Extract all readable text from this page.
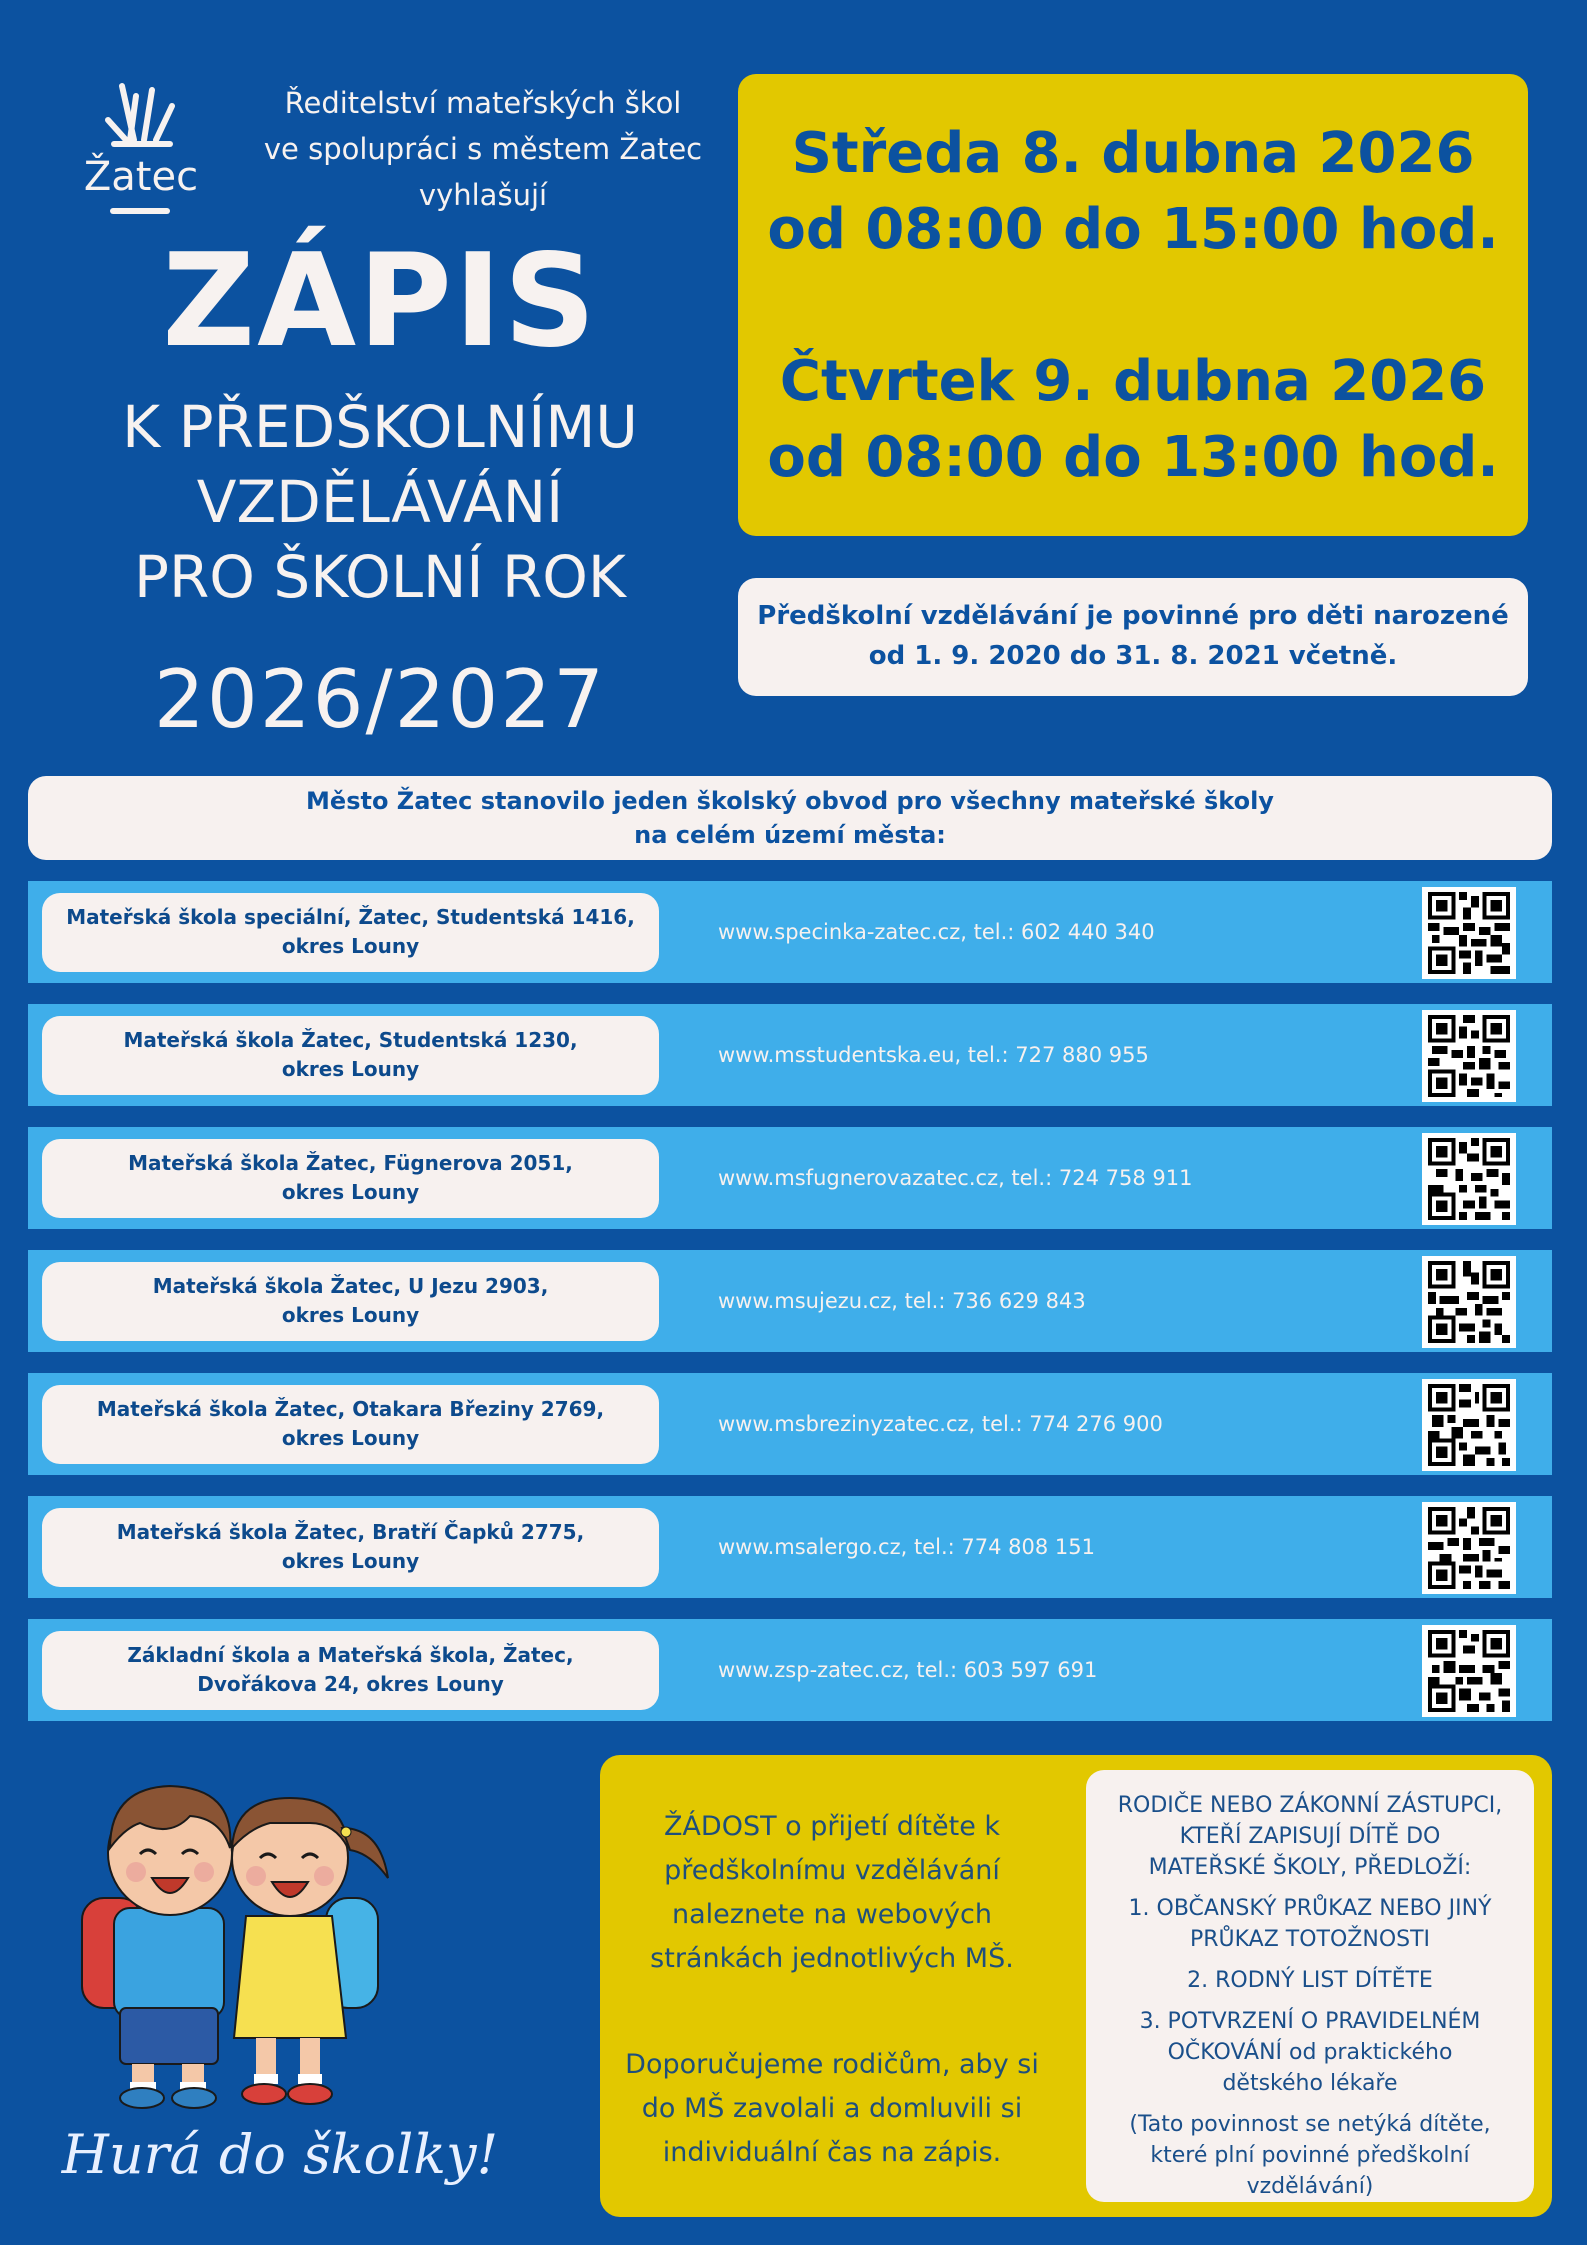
Žatec
Ředitelství mateřských škol
ve spolupráci s městem Žatec
vyhlašují
ZÁPIS
K PŘEDŠKOLNÍMU
VZDĚLÁVÁNÍ
PRO ŠKOLNÍ ROK
2026/2027
Středa 8. dubna 2026
od 08:00 do 15:00 hod.
Čtvrtek 9. dubna 2026
od 08:00 do 13:00 hod.
Předškolní vzdělávání je povinné pro děti narozené
od 1. 9. 2020 do 31. 8. 2021 včetně.
Město Žatec stanovilo jeden školský obvod pro všechny mateřské školy
na celém území města:
Mateřská škola speciální, Žatec, Studentská 1416,
okres Louny
www.specinka-zatec.cz, tel.: 602 440 340
Mateřská škola Žatec, Studentská 1230,
okres Louny
www.msstudentska.eu, tel.: 727 880 955
Mateřská škola Žatec, Fügnerova 2051,
okres Louny
www.msfugnerovazatec.cz, tel.: 724 758 911
Mateřská škola Žatec, U Jezu 2903,
okres Louny
www.msujezu.cz, tel.: 736 629 843
Mateřská škola Žatec, Otakara Březiny 2769,
okres Louny
www.msbrezinyzatec.cz, tel.: 774 276 900
Mateřská škola Žatec, Bratří Čapků 2775,
okres Louny
www.msalergo.cz, tel.: 774 808 151
Základní škola a Mateřská škola, Žatec,
Dvořákova 24, okres Louny
www.zsp-zatec.cz, tel.: 603 597 691
Hurá do školky!
ŽÁDOST o přijetí dítěte k
předškolnímu vzdělávání
naleznete na webových
stránkách jednotlivých MŠ.
Doporučujeme rodičům, aby si
do MŠ zavolali a domluvili si
individuální čas na zápis.
RODIČE NEBO ZÁKONNÍ ZÁSTUPCI,
KTEŘÍ ZAPISUJÍ DÍTĚ DO
MATEŘSKÉ ŠKOLY, PŘEDLOŽÍ:
1. OBČANSKÝ PRŮKAZ NEBO JINÝ
PRŮKAZ TOTOŽNOSTI
2. RODNÝ LIST DÍTĚTE
3. POTVRZENÍ O PRAVIDELNÉM
OČKOVÁNÍ od praktického
dětského lékaře
(Tato povinnost se netýká dítěte,
které plní povinné předškolní
vzdělávání)
